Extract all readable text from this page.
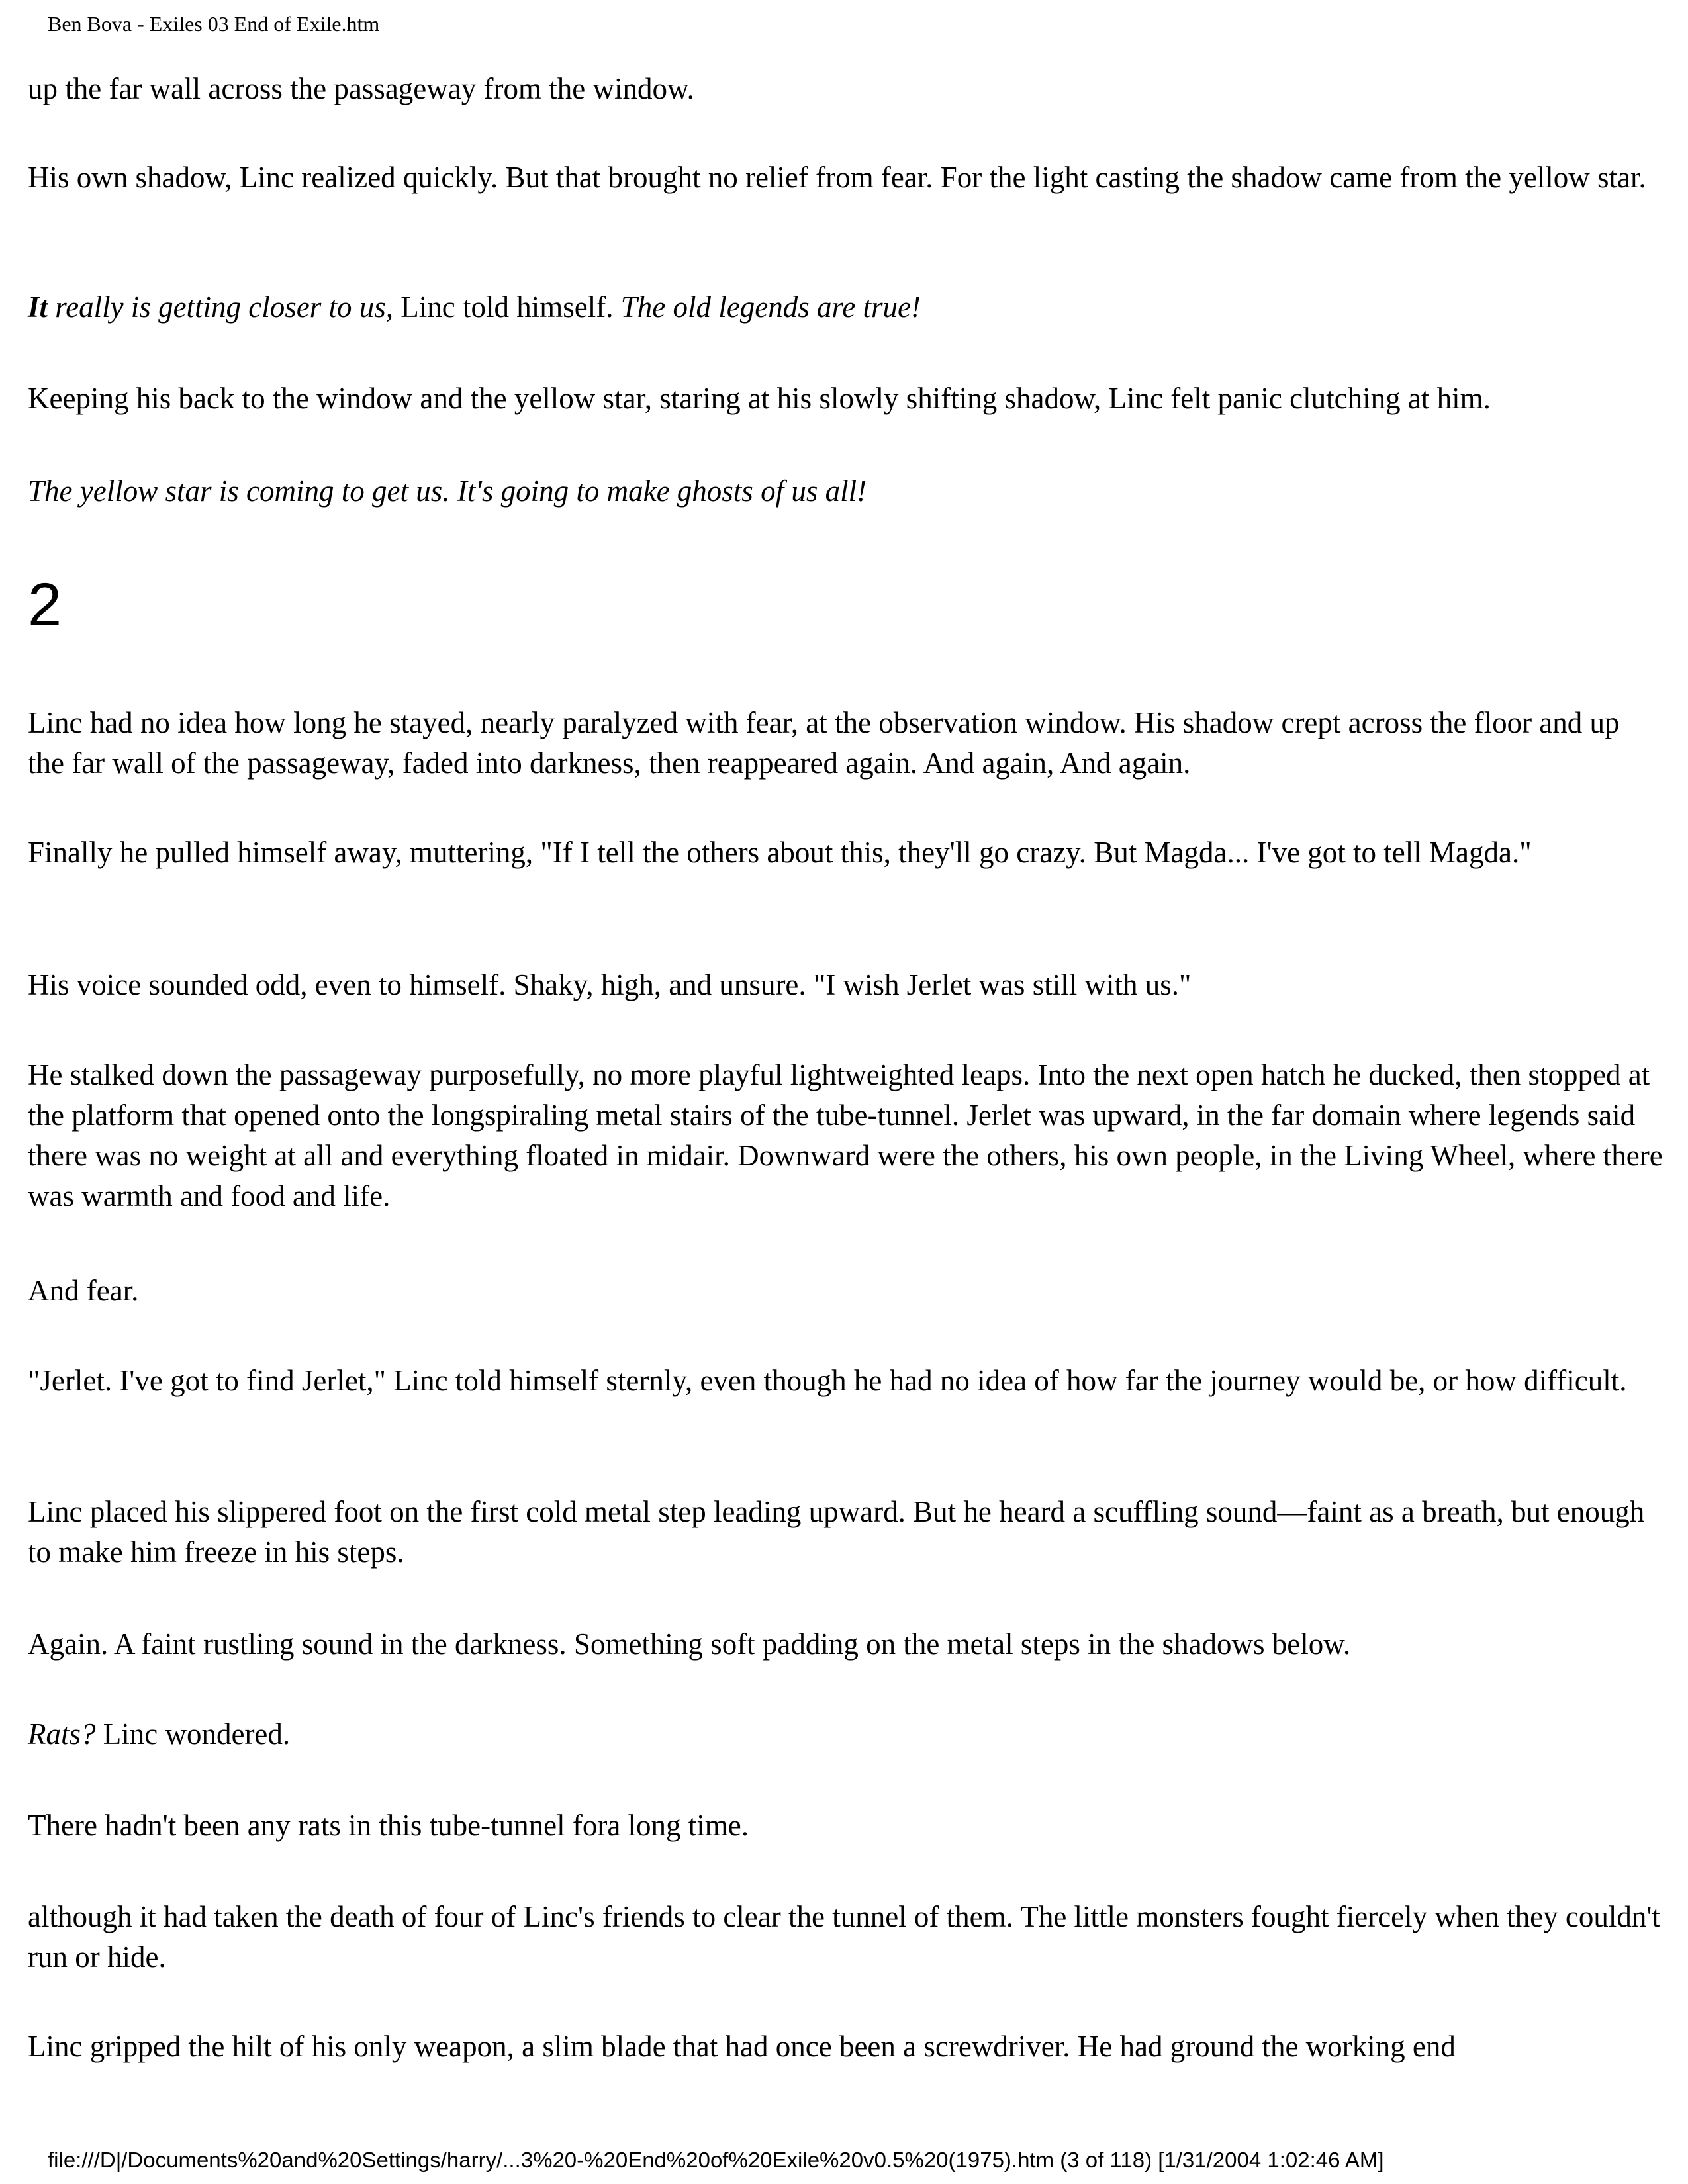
Ben Bova - Exiles 03 End of Exile.htm

up the far wall across the passageway from the window.

His own shadow, Linc realized quickly. But that brought no relief from fear. For the light casting the shadow came from the yellow star.

It really is getting closer to us, Linc told himself. The old legends are true!

Keeping his back to the window and the yellow star, staring at his slowly shifting shadow, Linc felt panic clutching at him.

The yellow star is coming to get us. It's going to make ghosts of us all!

2

Linc had no idea how long he stayed, nearly paralyzed with fear, at the observation window. His shadow crept across the floor and up the far wall of the passageway, faded into darkness, then reappeared again. And again, And again.

Finally he pulled himself away, muttering, "If I tell the others about this, they'll go crazy. But Magda... I've got to tell Magda."

His voice sounded odd, even to himself. Shaky, high, and unsure. "I wish Jerlet was still with us."

He stalked down the passageway purposefully, no more playful lightweighted leaps. Into the next open hatch he ducked, then stopped at the platform that opened onto the longspiraling metal stairs of the tube-tunnel. Jerlet was upward, in the far domain where legends said there was no weight at all and everything floated in midair. Downward were the others, his own people, in the Living Wheel, where there was warmth and food and life.

And fear.

"Jerlet. I've got to find Jerlet," Linc told himself sternly, even though he had no idea of how far the journey would be, or how difficult.

Linc placed his slippered foot on the first cold metal step leading upward. But he heard a scuffling sound—faint as a breath, but enough to make him freeze in his steps.

Again. A faint rustling sound in the darkness. Something soft padding on the metal steps in the shadows below.

Rats? Linc wondered.

There hadn't been any rats in this tube-tunnel fora long time.

although it had taken the death of four of Linc's friends to clear the tunnel of them. The little monsters fought fiercely when they couldn't run or hide.

Linc gripped the hilt of his only weapon, a slim blade that had once been a screwdriver. He had ground the working end

file:///D|/Documents%20and%20Settings/harry/...3%20-%20End%20of%20Exile%20v0.5%20(1975).htm (3 of 118) [1/31/2004 1:02:46 AM]
